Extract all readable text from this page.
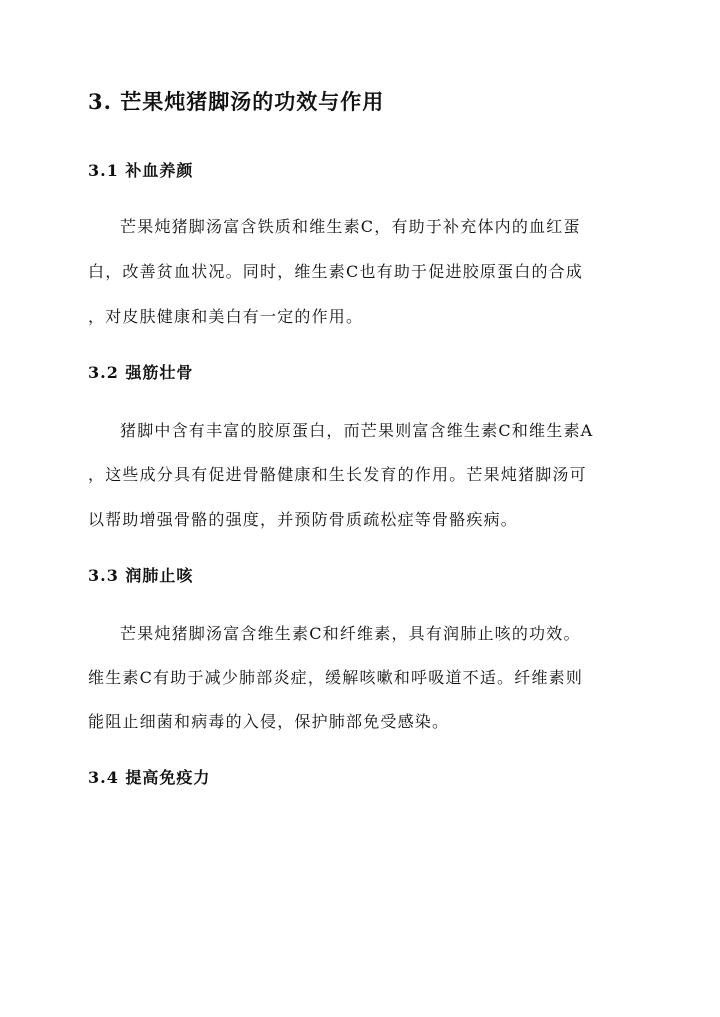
3. 芒果炖猪脚汤的功效与作用
3.1 补血养颜
芒果炖猪脚汤富含铁质和维生素C，有助于补充体内的血红蛋
白，改善贫血状况。同时，维生素C也有助于促进胶原蛋白的合成
，对皮肤健康和美白有一定的作用。
3.2 强筋壮骨
猪脚中含有丰富的胶原蛋白，而芒果则富含维生素C和维生素A
，这些成分具有促进骨骼健康和生长发育的作用。芒果炖猪脚汤可
以帮助增强骨骼的强度，并预防骨质疏松症等骨骼疾病。
3.3 润肺止咳
芒果炖猪脚汤富含维生素C和纤维素，具有润肺止咳的功效。
维生素C有助于减少肺部炎症，缓解咳嗽和呼吸道不适。纤维素则
能阻止细菌和病毒的入侵，保护肺部免受感染。
3.4 提高免疫力
